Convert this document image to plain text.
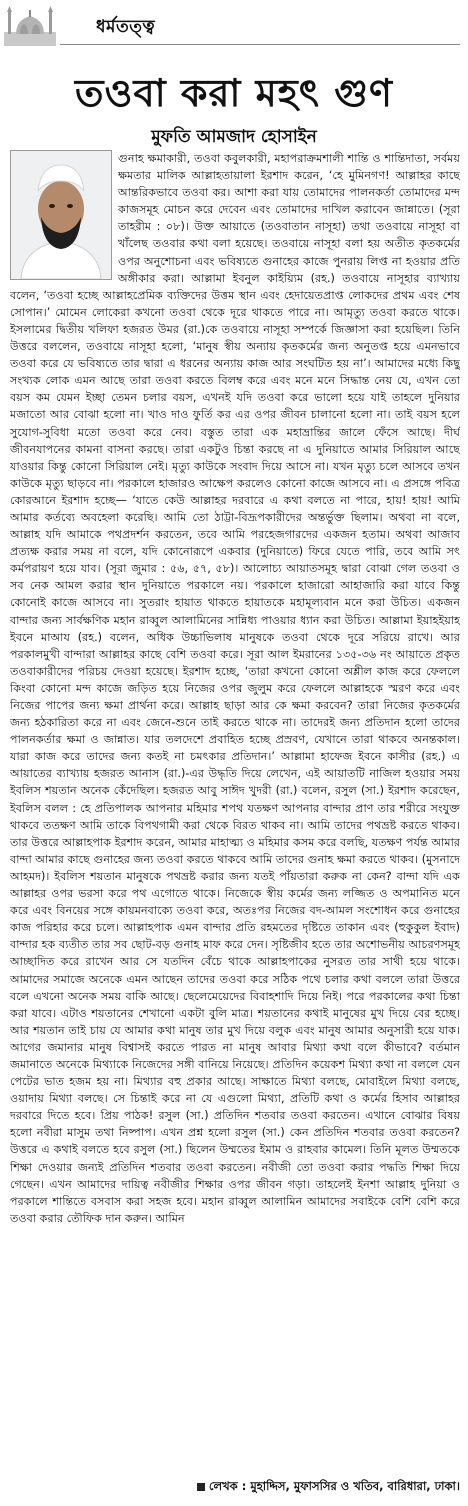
ধর্মতত্ত্ব
তওবা করা মহৎ গুণ
মুফতি আমজাদ হোসাইন

গুনাহ ক্ষমাকারী, তওবা কবুলকারী, মহাপরাক্রমশালী শান্তি ও শান্তিদাতা, সর্বময় ক্ষমতার মালিক আল্লাহতায়ালা ইরশাদ করেন, ‘হে মুমিনগণ! আল্লাহর কাছে আন্তরিকভাবে তওবা কর। আশা করা যায় তোমাদের পালনকর্তা তোমাদের মন্দ কাজসমূহ মোচন করে দেবেন এবং তোমাদের দাখিল করাবেন জান্নাতে। (সূরা তাহরীম : ০৮)। উক্ত আয়াতে (তওবাতান নাসূহা) তথা তওবায়ে নাসূহা বা খাঁলেছ তওবার কথা বলা হয়েছে। তওবায়ে নাসূহা বলা হয় অতীত কৃতকর্মের ওপর অনুশোচনা এবং ভবিষ্যতে গুনাহের কাজে পুনরায় লিপ্ত না হওয়ার প্রতি অঙ্গীকার করা। আল্লামা ইবনুল কাইয়্যিম (রহ.) তওবায়ে নাসূহার ব্যাখ্যায় বলেন, ‘তওবা হচ্ছে আল্লাহপ্রেমিক ব্যক্তিদের উত্তম স্থান এবং হেদায়েতপ্রাপ্ত লোকদের প্রথম এবং শেষ সোপান।’ মোমেন লোকেরা কখনো তওবা থেকে দূরে থাকতে পারে না। আমৃত্যু তওবা করতে থাকে। ইসলামের দ্বিতীয় খলিফা হজরত উমর (রা.)কে তওবায়ে নাসূহা সম্পর্কে জিজ্ঞাসা করা হয়েছিল। তিনি উত্তরে বললেন, তওবায়ে নাসূহা হলো, ‘মানুষ স্বীয় অন্যায় কৃতকর্মের জন্য অনুতপ্ত হয়ে এমনভাবে তওবা করে যে ভবিষ্যতে তার দ্বারা এ ধরনের অন্যায় কাজ আর সংঘটিত হয় না’। আমাদের মধ্যে কিছু সংখ্যক লোক এমন আছে তারা তওবা করতে বিলম্ব করে এবং মনে মনে সিদ্ধান্ত নেয় যে, এখন তো বয়স কম যেমন ইচ্ছা তেমন চলার বয়স, এখনই যদি তওবা করে ভালো হয়ে যাই তাহলে দুনিয়ার মজাতো আর বোঝা হলো না। খাও দাও ফুর্তি কর এর ওপর জীবন চালানো হলো না। তাই বয়স হলে সুযোগ-সুবিধা মতো তওবা করে নেব। বস্তুত তারা এক মহাভ্রান্তির জালে ফেঁসে আছে। দীর্ঘ জীবনযাপনের কামনা বাসনা করছে। তারা একটুও চিন্তা করছে না এ দুনিয়াতে আমার সিরিয়াল আছে যাওয়ার কিন্তু কোনো সিরিয়াল নেই। মৃত্যু কাউকে সংবাদ দিয়ে আসে না। যখন মৃত্যু চলে আসবে তখন কাউকে মৃত্যু ছাড়বে না। পরকালে হাজারও আক্ষেপ করলেও কোনো কাজে আসবে না। এ প্রসঙ্গে পবিত্র কোরআনে ইরশাদ হচ্ছে— ‘যাতে কেউ আল্লাহর দরবারে এ কথা বলতে না পারে, হায়! হায়! আমি আমার কর্তব্যে অবহেলা করেছি। আমি তো ঠাট্টা-বিদ্রূপকারীদের অন্তর্ভুক্ত ছিলাম। অথবা না বলে, আল্লাহ যদি আমাকে পথপ্রদর্শন করতেন, তবে আমি পরহেজগারদের একজন হতাম। অথবা আজাব প্রত্যক্ষ করার সময় না বলে, যদি কোনোরূপে একবার (দুনিয়াতে) ফিরে যেতে পারি, তবে আমি সৎ কর্মপরায়ণ হয়ে যাব। (সূরা জুমার : ৫৬, ৫৭, ৫৮)। আলোচ্য আয়াতসমূহ দ্বারা বোঝা গেল তওবা ও সব নেক আমল করার স্থান দুনিয়াতে পরকালে নয়। পরকালে হাজারো আহাজারি করা যাবে কিন্তু কোনোই কাজে আসবে না। সুতরাং হায়াত থাকতে হায়াতকে মহামূল্যবান মনে করা উচিত। একজন বান্দার জন্য সার্বক্ষণিক মহান রাব্বুল আলামিনের সান্নিধ্য পাওয়ার ধ্যান করা উচিত। আল্লামা ইয়াহইয়াহ ইবনে মাআয (রহ.) বলেন, অধিক উচ্চাভিলাষ মানুষকে তওবা থেকে দূরে সরিয়ে রাখে। আর পরকালমুখী বান্দারা আল্লাহর কাছে বেশি তওবা করে। সূরা আল ইমরানের ১৩৫-৩৬ নং আয়াতে প্রকৃত তওবাকারীদের পরিচয় দেওয়া হয়েছে। ইরশাদ হচ্ছে, ‘তারা কখনো কোনো অশ্লীল কাজ করে ফেললে কিংবা কোনো মন্দ কাজে জড়িত হয়ে নিজের ওপর জুলুম করে ফেললে আল্লাহকে স্মরণ করে এবং নিজের পাপের জন্য ক্ষমা প্রার্থনা করে। আল্লাহ ছাড়া আর কে ক্ষমা করবেন? তারা নিজের কৃতকর্মের জন্য হঠকারিতা করে না এবং জেনে-শুনে তাই করতে থাকে না। তাদেরই জন্য প্রতিদান হলো তাদের পালনকর্তার ক্ষমা ও জান্নাত। যার তলদেশে প্রবাহিত হচ্ছে প্রস্রবণ, যেখানে তারা থাকবে অনন্তকাল। যারা কাজ করে তাদের জন্য কতই না চমৎকার প্রতিদান।’ আল্লামা হাফেজ ইবনে কাসীর (রহ.) এ আয়াতের ব্যাখ্যায় হজরত আনাস (রা.)-এর উদ্ধৃতি দিয়ে লেখেন, এই আয়াতটি নাজিল হওয়ার সময় ইবলিস শয়তান অনেক কেঁদেছিল। হজরত আবু সাঈদ খুদরী (রা.) বলেন, রসুল (সা.) ইরশাদ করেছেন, ইবলিস বলল : হে প্রতিপালক আপনার মহিমার শপথ যতক্ষণ আপনার বান্দার প্রাণ তার শরীরে সংযুক্ত থাকবে ততক্ষণ আমি তাকে বিপথগামী করা থেকে বিরত থাকব না। আমি তাদের পথভ্রষ্ট করতে থাকব। তার উত্তরে আল্লাহপাক ইরশাদ করেন, আমার মাহাত্ম্য ও মহিমার কসম করে বলছি, যতক্ষণ পর্যন্ত আমার বান্দা আমার কাছে গুনাহের জন্য তওবা করতে থাকবে আমি তাদের গুনাহ ক্ষমা করতে থাকব। (মুসনাদে আহমদ)। ইবলিস শয়তান মানুষকে পথভ্রষ্ট করার জন্য যতই পাঁয়তারা করুক না কেন? বান্দা যদি এক আল্লাহর ওপর ভরসা করে পথ এগোতে থাকে। নিজেকে স্বীয় কর্মের জন্য লজ্জিত ও অপমানিত মনে করে এবং বিনয়ের সঙ্গে কায়মনবাক্যে তওবা করে, অতঃপর নিজের বদ-আমল সংশোধন করে গুনাহের কাজ পরিহার করে চলে। আল্লাহপাক এমন বান্দার প্রতি রহমতের দৃষ্টিতে তাকান এবং (হুকুকুল ইবাদ) বান্দার হক ব্যতীত তার সব ছোট-বড় গুনাহ মাফ করে দেন। সৃষ্টিজীব হতে তার অশোভনীয় আচরণসমূহ আচ্ছাদিত করে রাখেন আর সে যতদিন বেঁচে থাকে আল্লাহপাকের নুসরত তার সাথী হয়ে থাকে। আমাদের সমাজে অনেকে এমন আছেন তাদের তওবা করে সঠিক পথে চলার কথা বললে তারা উত্তরে বলে এখনো অনেক সময় বাকি আছে। ছেলেমেয়েদের বিবাহশাদি দিয়ে নিই। পরে পরকালের কথা চিন্তা করা যাবে। এটাও শয়তানের শেখানো একটা বুলি মাত্র। শয়তানের কথাই মানুষের মুখ দিয়ে বের হচ্ছে। আর শয়তান তাই চায় যে আমার কথা মানুষ তার মুখ দিয়ে বলুক এবং মানুষ আমার অনুসারী হয়ে যাক। আগের জমানার মানুষ বিশ্বাসই করতে পারত না মানুষ আবার মিথ্যা কথা বলে কীভাবে? বর্তমান জমানাতে অনেকে মিথ্যাকে নিজেদের সঙ্গী বানিয়ে নিয়েছে। প্রতিদিন কয়েকশ মিথ্যা কথা না বললে যেন পেটের ভাত হজম হয় না। মিথ্যার বহু প্রকার আছে। সাক্ষাতে মিথ্যা বলছে, মোবাইলে মিথ্যা বলছে, ওয়াদায় মিথ্যা বলছে। সে চিন্তাই করে না যে এগুলো মিথ্যা, প্রতিটি কথা ও কর্মের হিসাব আল্লাহর দরবারে দিতে হবে। প্রিয় পাঠক! রসুল (সা.) প্রতিদিন শতবার তওবা করতেন। এখানে বোঝার বিষয় হলো নবীরা মাসুম তথা নিষ্পাপ। এখন প্রশ্ন হলো রসুল (সা.) কেন প্রতিদিন শতবার তওবা করতেন? উত্তরে এ কথাই বলতে হবে রসুল (সা.) ছিলেন উম্মতের ইমাম ও রাহবার কামেল। তিনি মূলত উম্মতকে শিক্ষা দেওয়ার জন্যই প্রতিদিন শতবার তওবা করতেন। নবীজী তো তওবা করার পদ্ধতি শিক্ষা দিয়ে গেছেন। এখন আমাদের দায়িত্ব নবীজীর শিক্ষার ওপর জীবন গড়া। তাহলেই ইনশা আল্লাহ দুনিয়া ও পরকালে শান্তিতে বসবাস করা সহজ হবে। মহান রাব্বুল আলামিন আমাদের সবাইকে বেশি বেশি করে তওবা করার তৌফিক দান করুন। আমিন

লেখক : মুহাদ্দিস, মুফাসসির ও খতিব, বারিধারা, ঢাকা।
